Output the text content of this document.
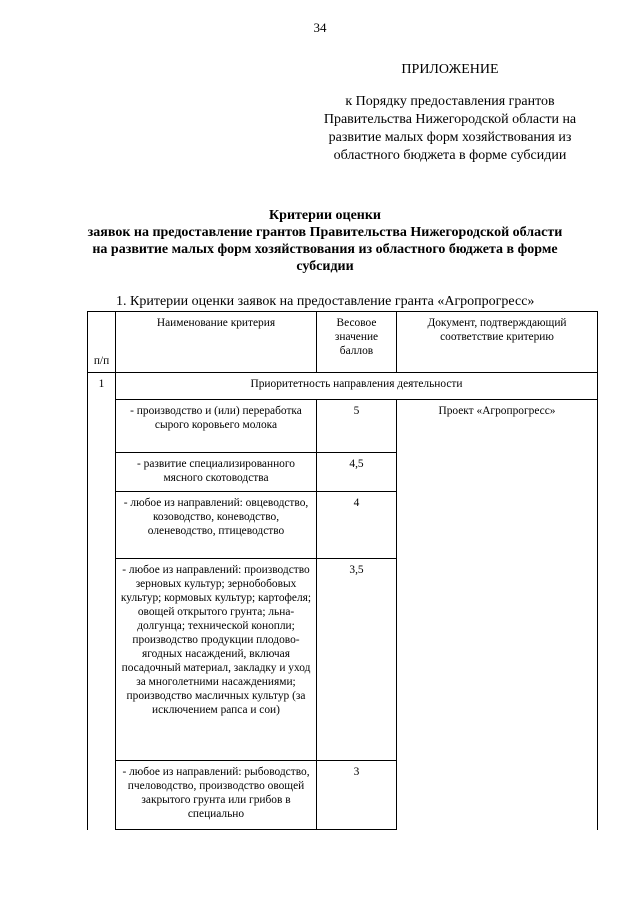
34
ПРИЛОЖЕНИЕ
к Порядку предоставления грантов Правительства Нижегородской области на развитие малых форм хозяйствования из областного бюджета в форме субсидии
Критерии оценки
заявок на предоставление грантов Правительства Нижегородской области на развитие малых форм хозяйствования из областного бюджета в форме субсидии
1. Критерии оценки заявок на предоставление гранта «Агропрогресс»
п/п	Наименование критерия	Весовое значение баллов	Документ, подтверждающий соответствие критерию
1	Приоритетность направления деятельности		
	- производство и (или) переработка сырого коровьего молока	5	Проект «Агропрогресс»
	- развитие специализированного мясного скотоводства	4,5	
	- любое из направлений: овцеводство, козоводство, коневодство, оленеводство, птицеводство	4	
	- любое из направлений: производство зерновых культур; зернобобовых культур; кормовых культур; картофеля; овощей открытого грунта; льна-долгунца; технической конопли; производство продукции плодово-ягодных насаждений, включая посадочный материал, закладку и уход за многолетними насаждениями; производство масличных культур (за исключением рапса и сои)	3,5	
	- любое из направлений: рыбоводство, пчеловодство, производство овощей закрытого грунта или грибов в специально	3	
